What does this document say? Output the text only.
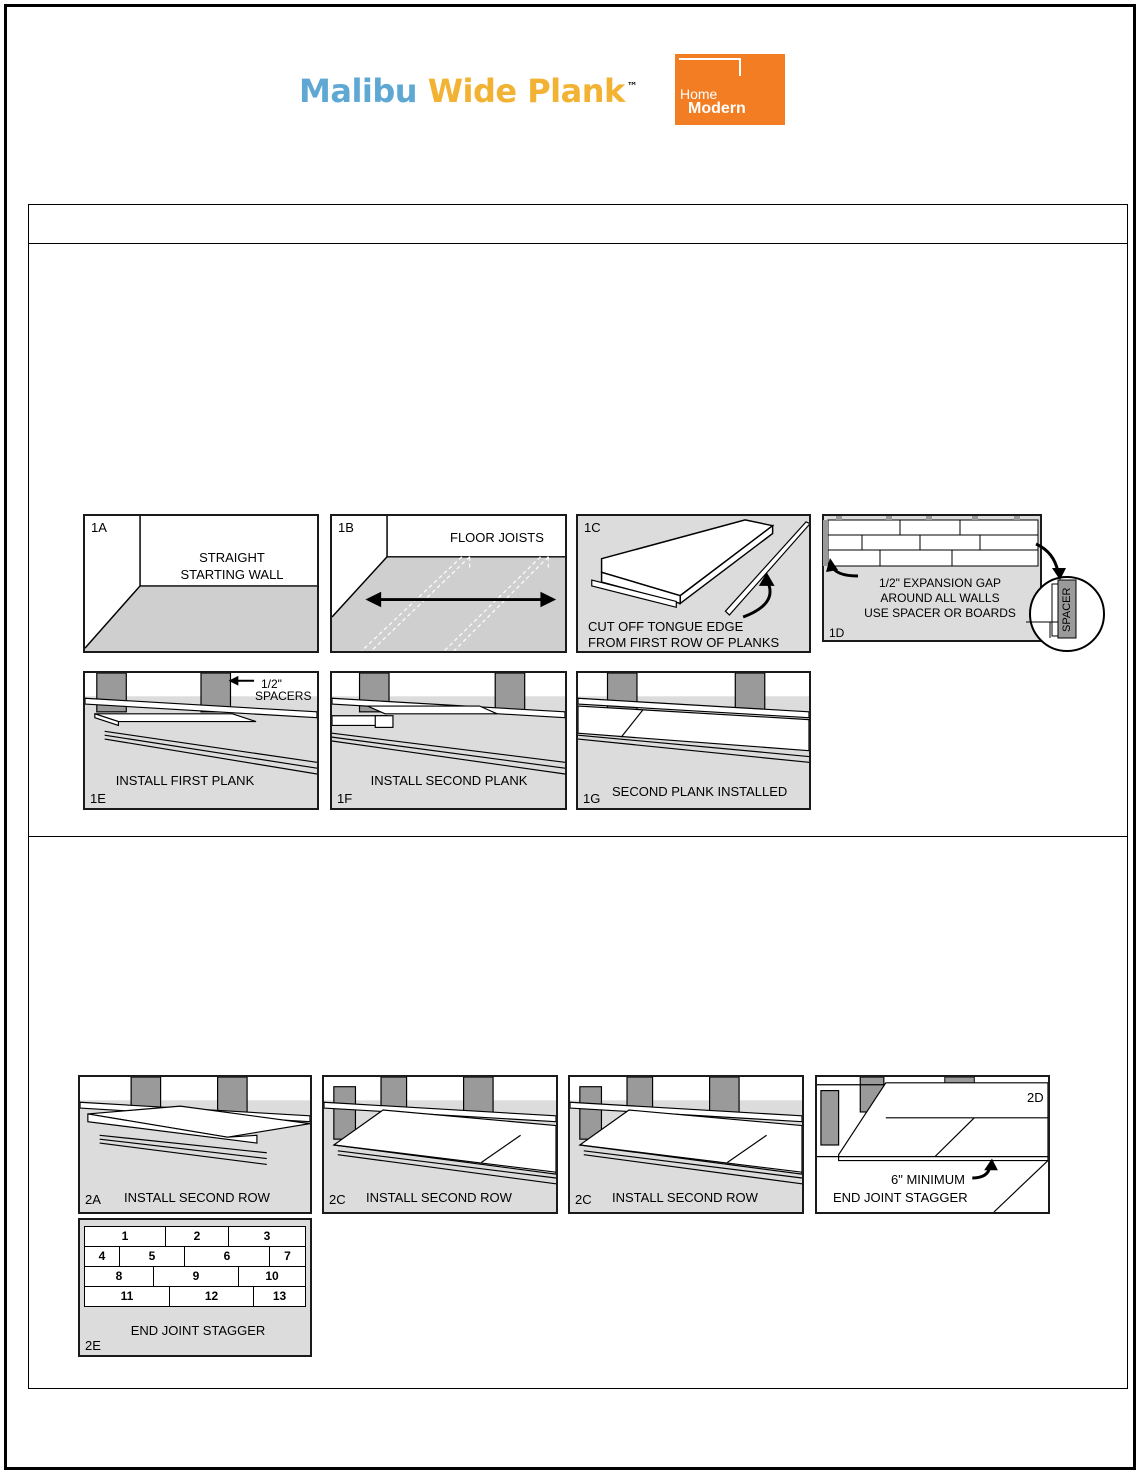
Malibu Wide Plank ™	Home
Modern
1A
STRAIGHT
STARTING WALL
1B
FLOOR JOISTS
1C
CUT OFF TONGUE EDGE
FROM FIRST ROW OF PLANKS
1/2" EXPANSION GAP
AROUND ALL WALLS
USE SPACER OR BOARDS
1D
SPACER
1/2"
SPACERS
INSTALL FIRST PLANK
1E
INSTALL SECOND PLANK
1F	1G SECOND PLANK INSTALLED
2A INSTALL SECOND ROW	2C INSTALL SECOND ROW	2C INSTALL SECOND ROW
2D
6" MINIMUM
END JOINT STAGGER
1	2	3
4	5	6	7
8	9	10
11	12	13
END JOINT STAGGER
2E
